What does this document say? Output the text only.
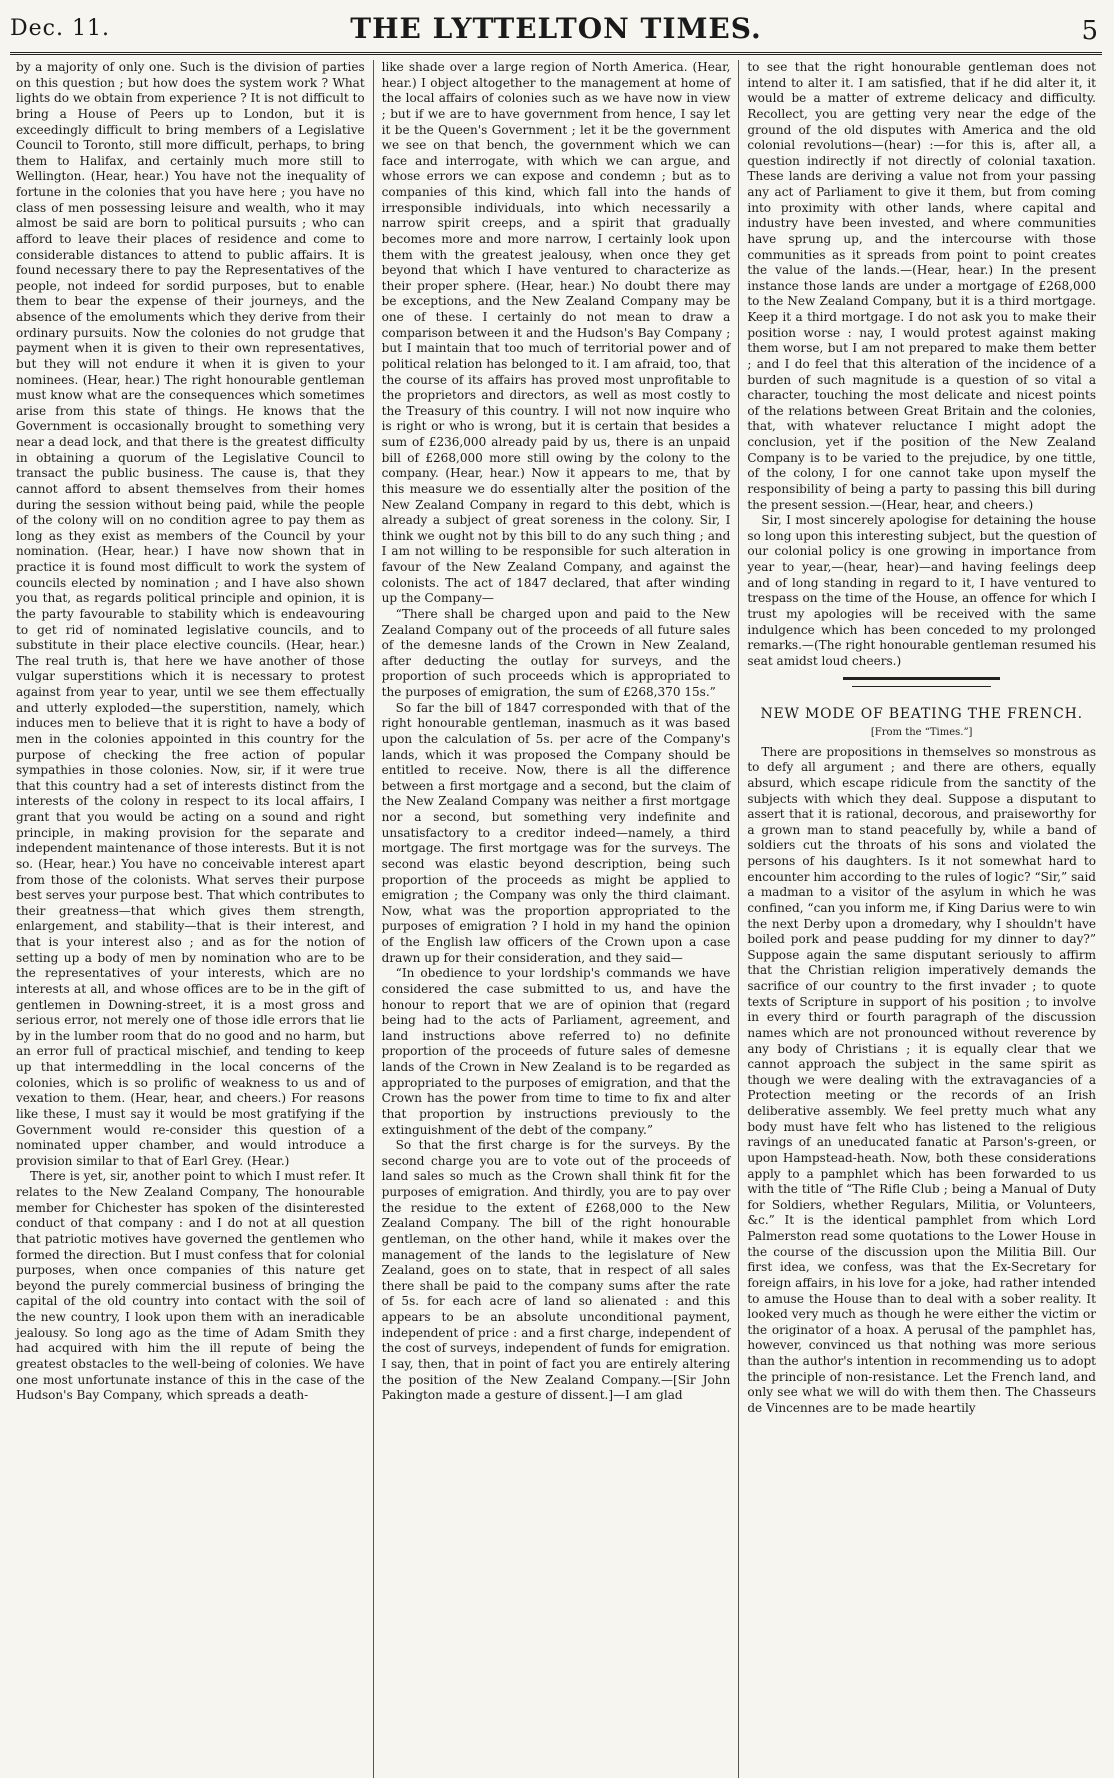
Dec. 11.	THE LYTTELTON TIMES.	5

by a majority of only one. Such is the division of parties on this question ; but how does the system work ? What lights do we obtain from experience ? It is not difficult to bring a House of Peers up to London, but it is exceedingly difficult to bring members of a Legislative Council to Toronto, still more difficult, perhaps, to bring them to Halifax, and certainly much more still to Wellington. (Hear, hear.) You have not the inequality of fortune in the colonies that you have here ; you have no class of men possessing leisure and wealth, who it may almost be said are born to political pursuits ; who can afford to leave their places of residence and come to considerable distances to attend to public affairs. It is found necessary there to pay the Representatives of the people, not indeed for sordid purposes, but to enable them to bear the expense of their journeys, and the absence of the emoluments which they derive from their ordinary pursuits. Now the colonies do not grudge that payment when it is given to their own representatives, but they will not endure it when it is given to your nominees. (Hear, hear.) The right honourable gentleman must know what are the consequences which sometimes arise from this state of things. He knows that the Government is occasionally brought to something very near a dead lock, and that there is the greatest difficulty in obtaining a quorum of the Legislative Council to transact the public business. The cause is, that they cannot afford to absent themselves from their homes during the session without being paid, while the people of the colony will on no condition agree to pay them as long as they exist as members of the Council by your nomination. (Hear, hear.) I have now shown that in practice it is found most difficult to work the system of councils elected by nomination ; and I have also shown you that, as regards political principle and opinion, it is the party favourable to stability which is endeavouring to get rid of nominated legislative councils, and to substitute in their place elective councils. (Hear, hear.) The real truth is, that here we have another of those vulgar superstitions which it is necessary to protest against from year to year, until we see them effectually and utterly exploded—the superstition, namely, which induces men to believe that it is right to have a body of men in the colonies appointed in this country for the purpose of checking the free action of popular sympathies in those colonies. Now, sir, if it were true that this country had a set of interests distinct from the interests of the colony in respect to its local affairs, I grant that you would be acting on a sound and right principle, in making provision for the separate and independent maintenance of those interests. But it is not so. (Hear, hear.) You have no conceivable interest apart from those of the colonists. What serves their purpose best serves your purpose best. That which contributes to their greatness—that which gives them strength, enlargement, and stability—that is their interest, and that is your interest also ; and as for the notion of setting up a body of men by nomination who are to be the representatives of your interests, which are no interests at all, and whose offices are to be in the gift of gentlemen in Downing-street, it is a most gross and serious error, not merely one of those idle errors that lie by in the lumber room that do no good and no harm, but an error full of practical mischief, and tending to keep up that intermeddling in the local concerns of the colonies, which is so prolific of weakness to us and of vexation to them. (Hear, hear, and cheers.) For reasons like these, I must say it would be most gratifying if the Government would re-consider this question of a nominated upper chamber, and would introduce a provision similar to that of Earl Grey. (Hear.)

There is yet, sir, another point to which I must refer. It relates to the New Zealand Company, The honourable member for Chichester has spoken of the disinterested conduct of that company : and I do not at all question that patriotic motives have governed the gentlemen who formed the direction. But I must confess that for colonial purposes, when once companies of this nature get beyond the purely commercial business of bringing the capital of the old country into contact with the soil of the new country, I look upon them with an ineradicable jealousy. So long ago as the time of Adam Smith they had acquired with him the ill repute of being the greatest obstacles to the well-being of colonies. We have one most unfortunate instance of this in the case of the Hudson's Bay Company, which spreads a death-

like shade over a large region of North America. (Hear, hear.) I object altogether to the management at home of the local affairs of colonies such as we have now in view ; but if we are to have government from hence, I say let it be the Queen's Government ; let it be the government we see on that bench, the government which we can face and interrogate, with which we can argue, and whose errors we can expose and condemn ; but as to companies of this kind, which fall into the hands of irresponsible individuals, into which necessarily a narrow spirit creeps, and a spirit that gradually becomes more and more narrow, I certainly look upon them with the greatest jealousy, when once they get beyond that which I have ventured to characterize as their proper sphere. (Hear, hear.) No doubt there may be exceptions, and the New Zealand Company may be one of these. I certainly do not mean to draw a comparison between it and the Hudson's Bay Company ; but I maintain that too much of territorial power and of political relation has belonged to it. I am afraid, too, that the course of its affairs has proved most unprofitable to the proprietors and directors, as well as most costly to the Treasury of this country. I will not now inquire who is right or who is wrong, but it is certain that besides a sum of £236,000 already paid by us, there is an unpaid bill of £268,000 more still owing by the colony to the company. (Hear, hear.) Now it appears to me, that by this measure we do essentially alter the position of the New Zealand Company in regard to this debt, which is already a subject of great soreness in the colony. Sir, I think we ought not by this bill to do any such thing ; and I am not willing to be responsible for such alteration in favour of the New Zealand Company, and against the colonists. The act of 1847 declared, that after winding up the Company—

“There shall be charged upon and paid to the New Zealand Company out of the proceeds of all future sales of the demesne lands of the Crown in New Zealand, after deducting the outlay for surveys, and the proportion of such proceeds which is appropriated to the purposes of emigration, the sum of £268,370 15s.”

So far the bill of 1847 corresponded with that of the right honourable gentleman, inasmuch as it was based upon the calculation of 5s. per acre of the Company's lands, which it was proposed the Company should be entitled to receive. Now, there is all the difference between a first mortgage and a second, but the claim of the New Zealand Company was neither a first mortgage nor a second, but something very indefinite and unsatisfactory to a creditor indeed—namely, a third mortgage. The first mortgage was for the surveys. The second was elastic beyond description, being such proportion of the proceeds as might be applied to emigration ; the Company was only the third claimant. Now, what was the proportion appropriated to the purposes of emigration ? I hold in my hand the opinion of the English law officers of the Crown upon a case drawn up for their consideration, and they said—

“In obedience to your lordship's commands we have considered the case submitted to us, and have the honour to report that we are of opinion that (regard being had to the acts of Parliament, agreement, and land instructions above referred to) no definite proportion of the proceeds of future sales of demesne lands of the Crown in New Zealand is to be regarded as appropriated to the purposes of emigration, and that the Crown has the power from time to time to fix and alter that proportion by instructions previously to the extinguishment of the debt of the company.”

So that the first charge is for the surveys. By the second charge you are to vote out of the proceeds of land sales so much as the Crown shall think fit for the purposes of emigration. And thirdly, you are to pay over the residue to the extent of £268,000 to the New Zealand Company. The bill of the right honourable gentleman, on the other hand, while it makes over the management of the lands to the legislature of New Zealand, goes on to state, that in respect of all sales there shall be paid to the company sums after the rate of 5s. for each acre of land so alienated : and this appears to be an absolute unconditional payment, independent of price : and a first charge, independent of the cost of surveys, independent of funds for emigration. I say, then, that in point of fact you are entirely altering the position of the New Zealand Company.—[Sir John Pakington made a gesture of dissent.]—I am glad

to see that the right honourable gentleman does not intend to alter it. I am satisfied, that if he did alter it, it would be a matter of extreme delicacy and difficulty. Recollect, you are getting very near the edge of the ground of the old disputes with America and the old colonial revolutions—(hear) :—for this is, after all, a question indirectly if not directly of colonial taxation. These lands are deriving a value not from your passing any act of Parliament to give it them, but from coming into proximity with other lands, where capital and industry have been invested, and where communities have sprung up, and the intercourse with those communities as it spreads from point to point creates the value of the lands.—(Hear, hear.) In the present instance those lands are under a mortgage of £268,000 to the New Zealand Company, but it is a third mortgage. Keep it a third mortgage. I do not ask you to make their position worse : nay, I would protest against making them worse, but I am not prepared to make them better ; and I do feel that this alteration of the incidence of a burden of such magnitude is a question of so vital a character, touching the most delicate and nicest points of the relations between Great Britain and the colonies, that, with whatever reluctance I might adopt the conclusion, yet if the position of the New Zealand Company is to be varied to the prejudice, by one tittle, of the colony, I for one cannot take upon myself the responsibility of being a party to passing this bill during the present session.—(Hear, hear, and cheers.)

Sir, I most sincerely apologise for detaining the house so long upon this interesting subject, but the question of our colonial policy is one growing in importance from year to year,—(hear, hear)—and having feelings deep and of long standing in regard to it, I have ventured to trespass on the time of the House, an offence for which I trust my apologies will be received with the same indulgence which has been conceded to my prolonged remarks.—(The right honourable gentleman resumed his seat amidst loud cheers.)

NEW MODE OF BEATING THE FRENCH.
[From the “Times.”]

There are propositions in themselves so monstrous as to defy all argument ; and there are others, equally absurd, which escape ridicule from the sanctity of the subjects with which they deal. Suppose a disputant to assert that it is rational, decorous, and praiseworthy for a grown man to stand peacefully by, while a band of soldiers cut the throats of his sons and violated the persons of his daughters. Is it not somewhat hard to encounter him according to the rules of logic? “Sir,” said a madman to a visitor of the asylum in which he was confined, “can you inform me, if King Darius were to win the next Derby upon a dromedary, why I shouldn't have boiled pork and pease pudding for my dinner to day?” Suppose again the same disputant seriously to affirm that the Christian religion imperatively demands the sacrifice of our country to the first invader ; to quote texts of Scripture in support of his position ; to involve in every third or fourth paragraph of the discussion names which are not pronounced without reverence by any body of Christians ; it is equally clear that we cannot approach the subject in the same spirit as though we were dealing with the extravagancies of a Protection meeting or the records of an Irish deliberative assembly. We feel pretty much what any body must have felt who has listened to the religious ravings of an uneducated fanatic at Parson's-green, or upon Hampstead-heath. Now, both these considerations apply to a pamphlet which has been forwarded to us with the title of “The Rifle Club ; being a Manual of Duty for Soldiers, whether Regulars, Militia, or Volunteers, &c.” It is the identical pamphlet from which Lord Palmerston read some quotations to the Lower House in the course of the discussion upon the Militia Bill. Our first idea, we confess, was that the Ex-Secretary for foreign affairs, in his love for a joke, had rather intended to amuse the House than to deal with a sober reality. It looked very much as though he were either the victim or the originator of a hoax. A perusal of the pamphlet has, however, convinced us that nothing was more serious than the author's intention in recommending us to adopt the principle of non-resistance. Let the French land, and only see what we will do with them then. The Chasseurs de Vincennes are to be made heartily
